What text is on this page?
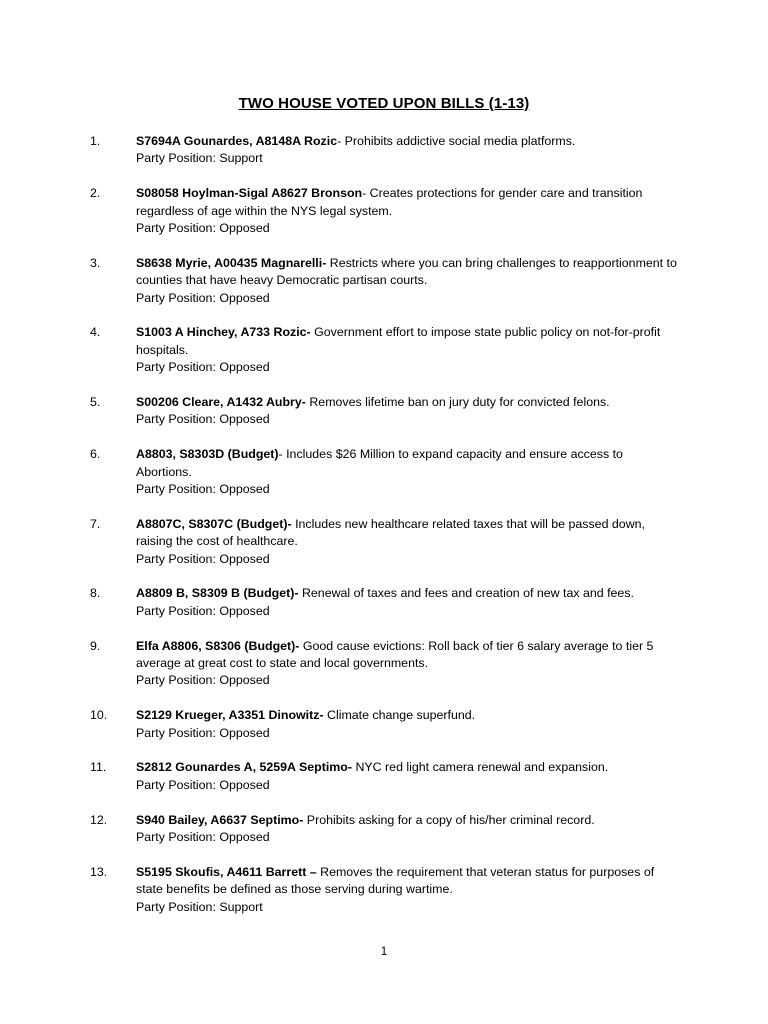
TWO HOUSE VOTED UPON BILLS (1-13)
1.	S7694A Gounardes, A8148A Rozic- Prohibits addictive social media platforms.
Party Position: Support
2.	S08058 Hoylman-Sigal A8627 Bronson- Creates protections for gender care and transition regardless of age within the NYS legal system.
Party Position: Opposed
3.	S8638 Myrie, A00435 Magnarelli- Restricts where you can bring challenges to reapportionment to counties that have heavy Democratic partisan courts.
Party Position: Opposed
4.	S1003 A Hinchey, A733 Rozic- Government effort to impose state public policy on not-for-profit hospitals.
Party Position: Opposed
5.	S00206 Cleare, A1432 Aubry- Removes lifetime ban on jury duty for convicted felons.
Party Position: Opposed
6.	A8803, S8303D (Budget)- Includes $26 Million to expand capacity and ensure access to Abortions.
Party Position: Opposed
7.	A8807C, S8307C (Budget)- Includes new healthcare related taxes that will be passed down, raising the cost of healthcare.
Party Position: Opposed
8.	A8809 B, S8309 B (Budget)- Renewal of taxes and fees and creation of new tax and fees.
Party Position: Opposed
9.	Elfa A8806, S8306 (Budget)- Good cause evictions: Roll back of tier 6 salary average to tier 5 average at great cost to state and local governments.
Party Position: Opposed
10.	S2129 Krueger, A3351 Dinowitz- Climate change superfund.
Party Position: Opposed
11.	S2812 Gounardes A, 5259A Septimo- NYC red light camera renewal and expansion.
Party Position: Opposed
12.	S940 Bailey, A6637 Septimo- Prohibits asking for a copy of his/her criminal record.
Party Position: Opposed
13.	S5195 Skoufis, A4611 Barrett – Removes the requirement that veteran status for purposes of state benefits be defined as those serving during wartime.
Party Position: Support
1
